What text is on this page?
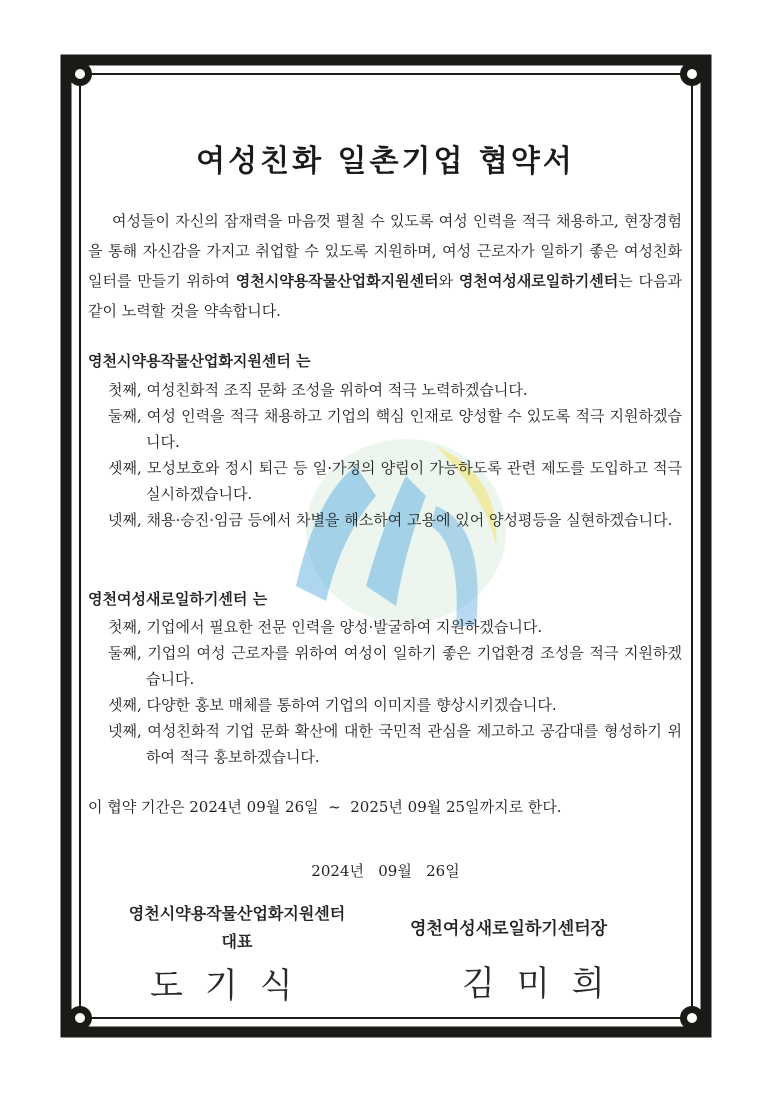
여성친화 일촌기업 협약서
여성들이 자신의 잠재력을 마음껏 펼칠 수 있도록 여성 인력을 적극 채용하고, 현장경험을 통해 자신감을 가지고 취업할 수 있도록 지원하며, 여성 근로자가 일하기 좋은 여성친화 일터를 만들기 위하여 영천시약용작물산업화지원센터와 영천여성새로일하기센터는 다음과 같이 노력할 것을 약속합니다.
영천시약용작물산업화지원센터 는
첫째, 여성친화적 조직 문화 조성을 위하여 적극 노력하겠습니다.
둘째, 여성 인력을 적극 채용하고 기업의 핵심 인재로 양성할 수 있도록 적극 지원하겠습니다.
셋째, 모성보호와 정시 퇴근 등 일·가정의 양립이 가능하도록 관련 제도를 도입하고 적극 실시하겠습니다.
넷째, 채용·승진·임금 등에서 차별을 해소하여 고용에 있어 양성평등을 실현하겠습니다.
영천여성새로일하기센터 는
첫째, 기업에서 필요한 전문 인력을 양성·발굴하여 지원하겠습니다.
둘째, 기업의 여성 근로자를 위하여 여성이 일하기 좋은 기업환경 조성을 적극 지원하겠습니다.
셋째, 다양한 홍보 매체를 통하여 기업의 이미지를 향상시키겠습니다.
넷째, 여성친화적 기업 문화 확산에 대한 국민적 관심을 제고하고 공감대를 형성하기 위하여 적극 홍보하겠습니다.
이 협약 기간은 2024년 09월 26일  ~  2025년 09월 25일까지로 한다.
2024년   09월   26일
영천시약용작물산업화지원센터
대표
영천여성새로일하기센터장
도기식	김미희
